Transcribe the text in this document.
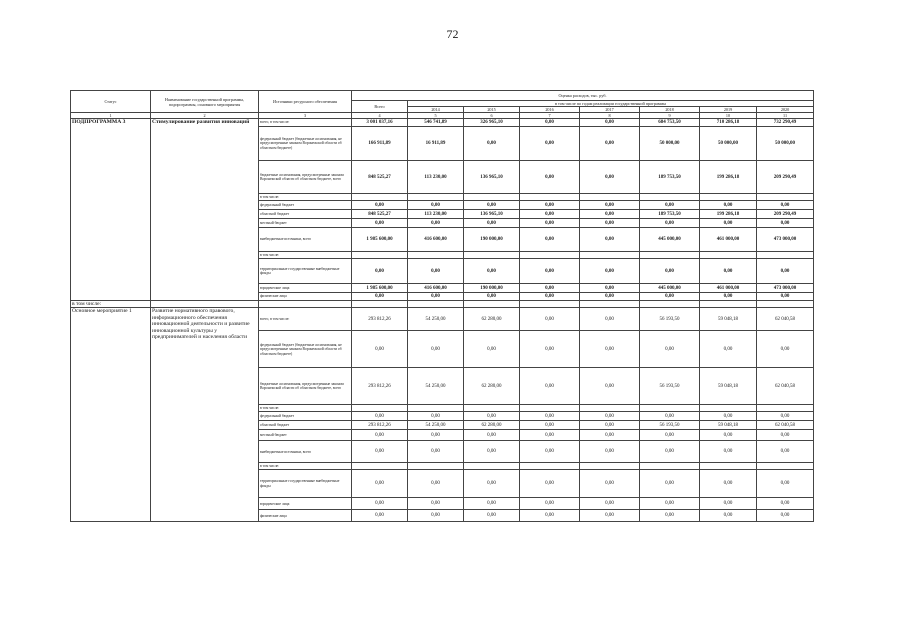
72
Статус	Наименование государственной программы, подпрограммы, основного мероприятия	Источники ресурсного обеспечения	Оценка расходов, тыс. руб.							
			Всего	в том числе по годам реализации государственной программы						
				2014	2015	2016	2017	2018	2019	2020
1	2	3	4	5	6	7	8	9	10	11
ПОДПРОГРАММА 3	Стимулирование развития инноваций	всего, в том числе:	3 001 037,16	546 741,89	326 965,10	0,00	0,00	684 753,50	710 286,18	732 290,49
		федеральный бюджет (бюджетные ассигнования, не предусмотренные законом Воронежской области об областном бюджете)	166 911,89	16 911,89	0,00	0,00	0,00	50 000,00	50 000,00	50 000,00
		бюджетные ассигнования, предусмотренные законом Воронежской области об областном бюджете, всего	848 525,27	113 230,00	136 965,10	0,00	0,00	189 753,50	199 286,18	209 290,49
		в том числе:								
		федеральный бюджет	0,00	0,00	0,00	0,00	0,00	0,00	0,00	0,00
		областной бюджет	848 525,27	113 230,00	136 965,10	0,00	0,00	189 753,50	199 286,18	209 290,49
		местный бюджет	0,00	0,00	0,00	0,00	0,00	0,00	0,00	0,00
		внебюджетные источники, всего	1 985 600,00	416 600,00	190 000,00	0,00	0,00	445 000,00	461 000,00	473 000,00
		в том числе:								
		территориальные государственные внебюджетные фонды	0,00	0,00	0,00	0,00	0,00	0,00	0,00	0,00
		юридические лица	1 985 600,00	416 600,00	190 000,00	0,00	0,00	445 000,00	461 000,00	473 000,00
		физические лица	0,00	0,00	0,00	0,00	0,00	0,00	0,00	0,00
в том числе:										
Основное мероприятие 1	Развитие нормативного правового, информационного обеспечения инновационной деятельности и развитие инновационной культуры у предпринимателей и населения области	всего, в том числе:	293 812,26	54 250,00	62 280,00	0,00	0,00	56 193,50	59 048,18	62 040,58
		федеральный бюджет (бюджетные ассигнования, не предусмотренные законом Воронежской области об областном бюджете)	0,00	0,00	0,00	0,00	0,00	0,00	0,00	0,00
		бюджетные ассигнования, предусмотренные законом Воронежской области об областном бюджете, всего	293 812,26	54 250,00	62 280,00	0,00	0,00	56 193,50	59 048,18	62 040,58
		в том числе:								
		федеральный бюджет	0,00	0,00	0,00	0,00	0,00	0,00	0,00	0,00
		областной бюджет	293 812,26	54 250,00	62 280,00	0,00	0,00	56 193,50	59 048,18	62 040,58
		местный бюджет	0,00	0,00	0,00	0,00	0,00	0,00	0,00	0,00
		внебюджетные источники, всего	0,00	0,00	0,00	0,00	0,00	0,00	0,00	0,00
		в том числе:								
		территориальные государственные внебюджетные фонды	0,00	0,00	0,00	0,00	0,00	0,00	0,00	0,00
		юридические лица	0,00	0,00	0,00	0,00	0,00	0,00	0,00	0,00
		физические лица	0,00	0,00	0,00	0,00	0,00	0,00	0,00	0,00
